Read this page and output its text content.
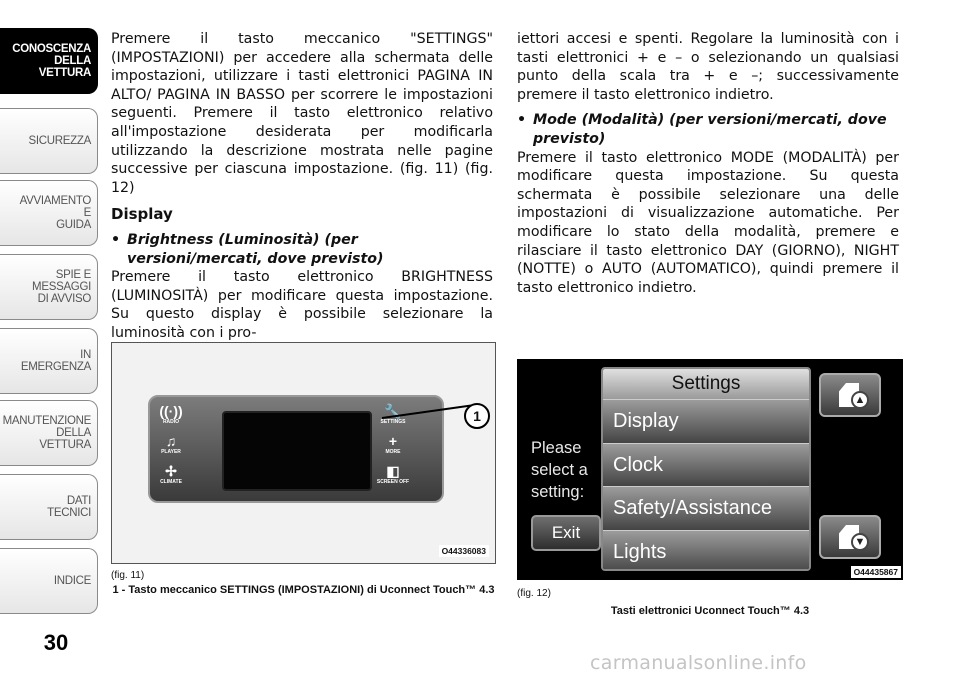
CONOSCENZA
DELLA
VETTURA
SICUREZZA
AVVIAMENTO
E
GUIDA
SPIE E
MESSAGGI
DI AVVISO
IN
EMERGENZA
MANUTENZIONE
DELLA
VETTURA
DATI
TECNICI
INDICE
30

Premere il tasto meccanico "SETTINGS" (IMPOSTAZIONI) per accedere alla schermata delle impostazioni, utilizzare i tasti elettronici PAGINA IN ALTO/ PAGINA IN BASSO per scorrere le impostazioni seguenti. Premere il tasto elettronico relativo all'impostazione desiderata per modificarla utilizzando la descrizione mostrata nelle pagine successive per ciascuna impostazione. (fig. 11) (fig. 12)

Display
• Brightness (Luminosità) (per versioni/mercati, dove previsto)

Premere il tasto elettronico BRIGHTNESS (LUMINOSITÀ) per modificare questa impostazione. Su questo display è possibile selezionare la luminosità con i pro-

iettori accesi e spenti. Regolare la luminosità con i tasti elettronici + e – o selezionando un qualsiasi punto della scala tra + e –; successivamente premere il tasto elettronico indietro.

• Mode (Modalità) (per versioni/mercati, dove previsto)

Premere il tasto elettronico MODE (MODALITÀ) per modificare questa impostazione. Su questa schermata è possibile selezionare una delle impostazioni di visualizzazione automatiche. Per modificare lo stato della modalità, premere e rilasciare il tasto elettronico DAY (GIORNO), NIGHT (NOTTE) o AUTO (AUTOMATICO), quindi premere il tasto elettronico indietro.

((·))
RADIO
♫
PLAYER
✢
CLIMATE
🔧
SETTINGS
+
MORE
◧
SCREEN OFF
1
O44336083
(fig. 11)
1 - Tasto meccanico SETTINGS (IMPOSTAZIONI) di Uconnect Touch™ 4.3
Please select a setting:
Exit
Settings
Display
Clock
Safety/Assistance
Lights
▲
▼
O44435867
(fig. 12)
Tasti elettronici Uconnect Touch™ 4.3
carmanualsonline.info
